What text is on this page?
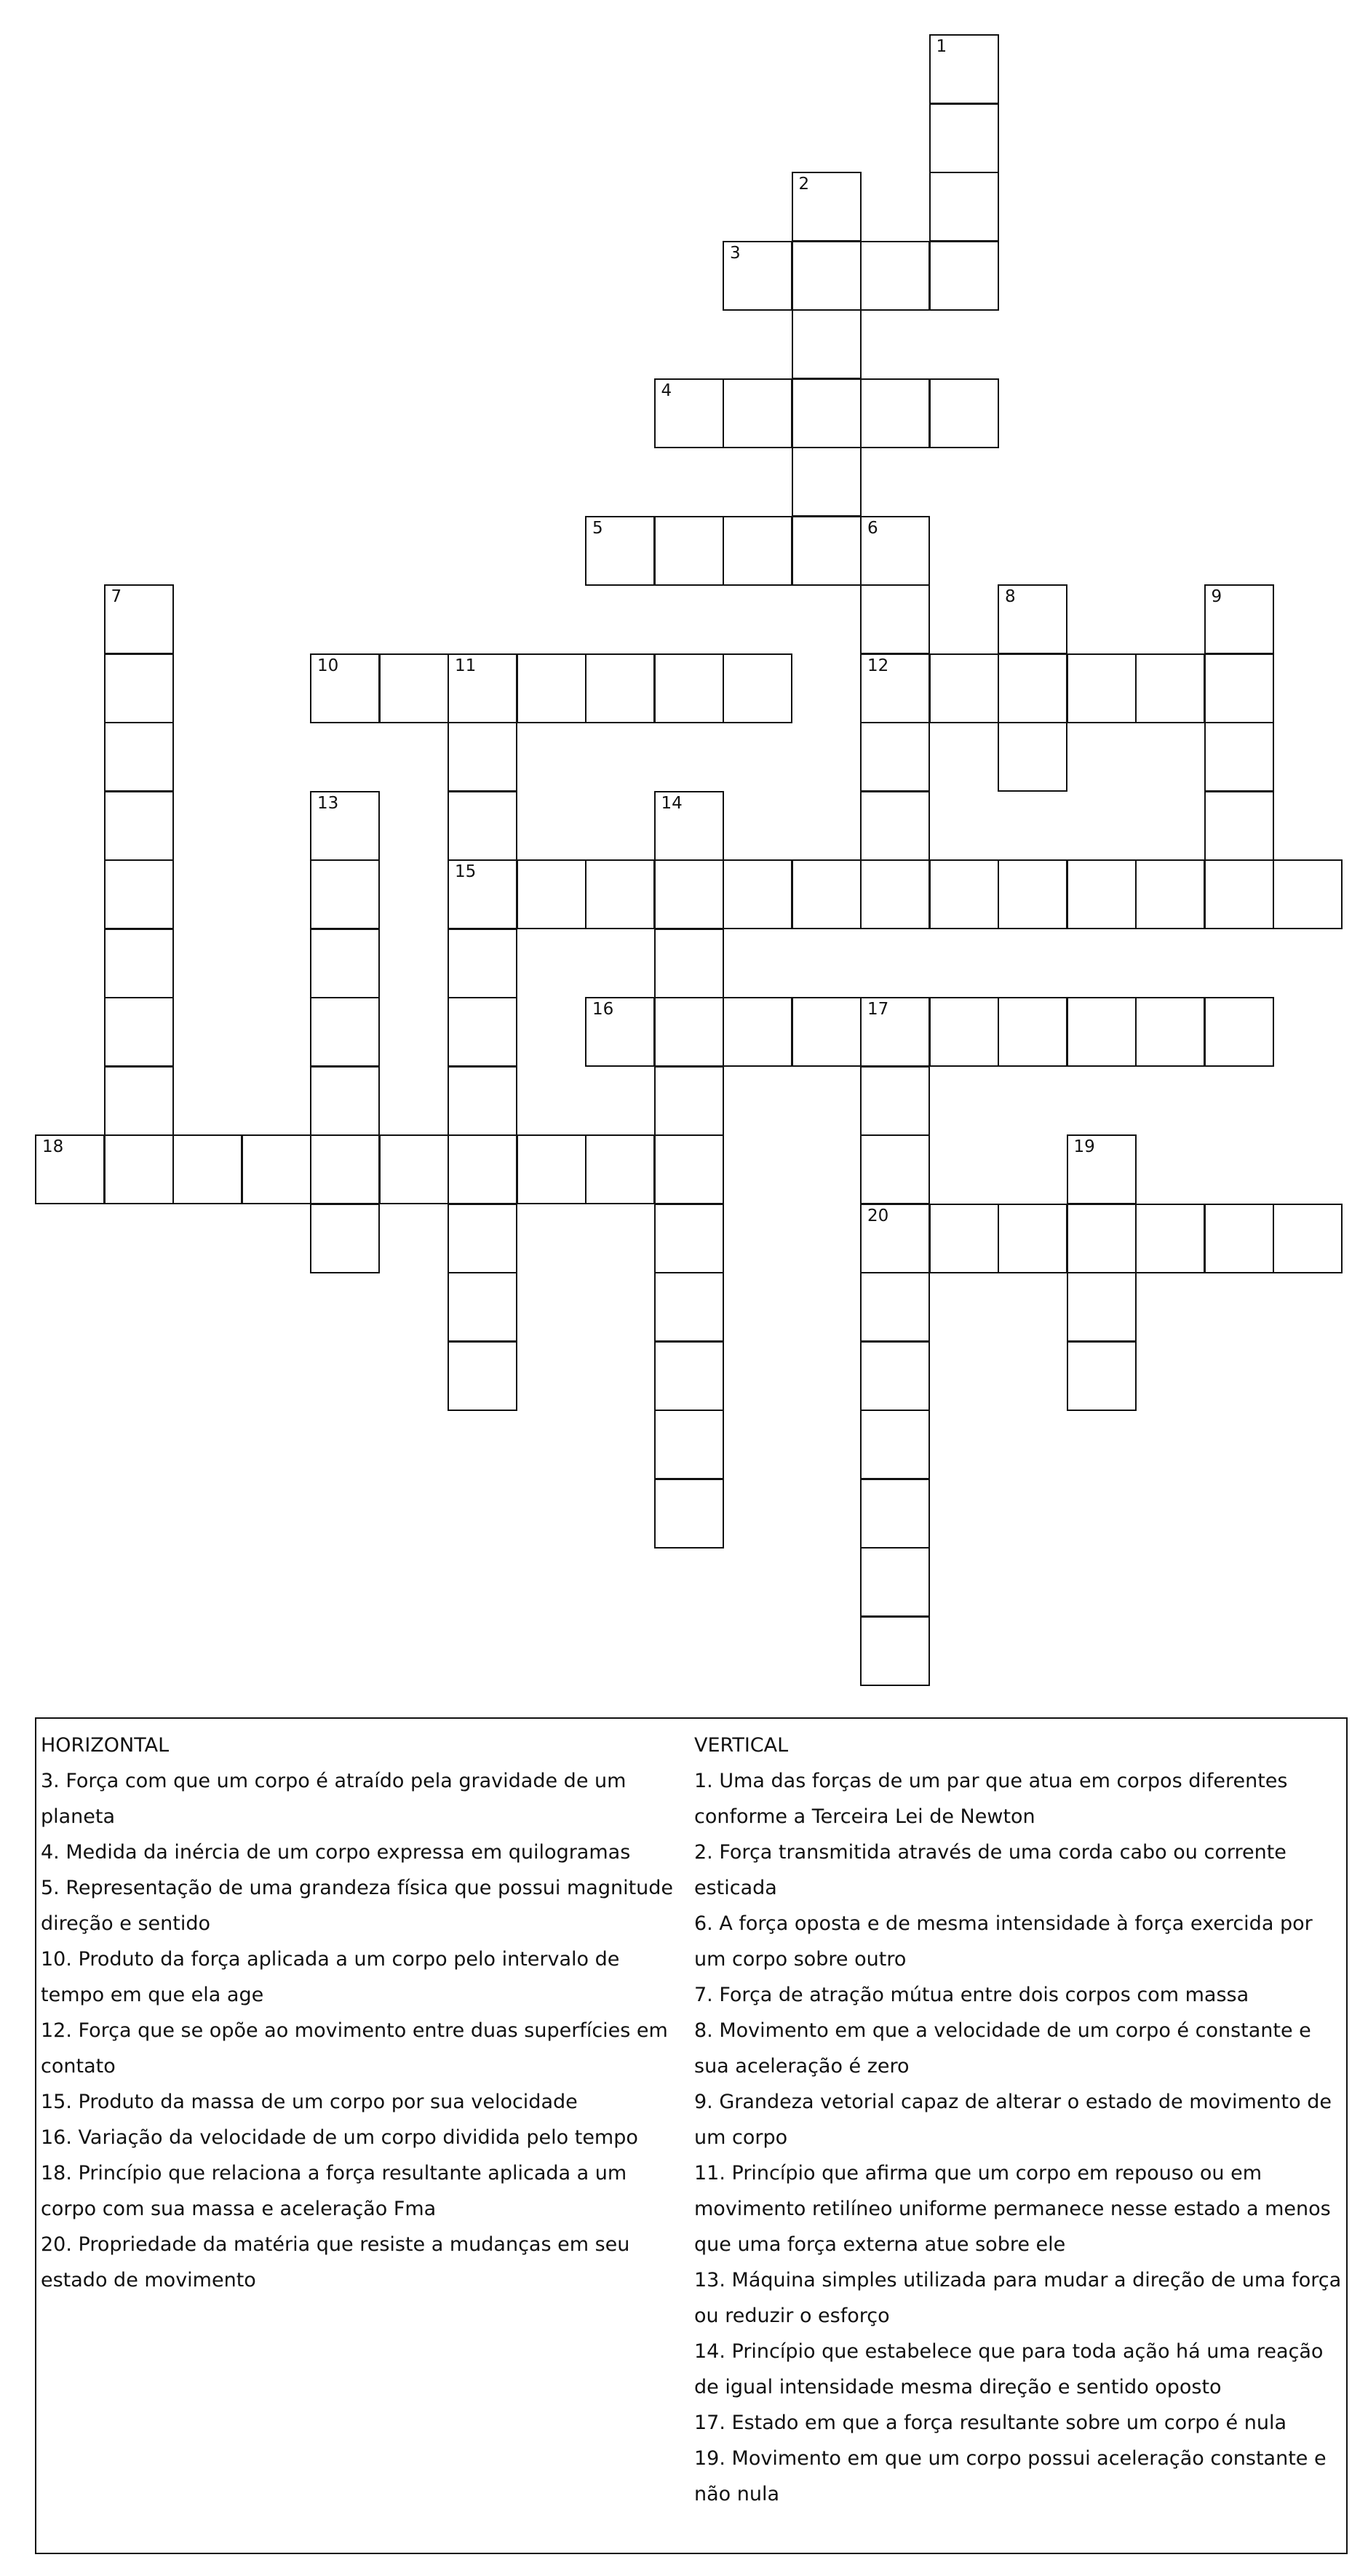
1
2
3
4
5	6
12
7	8	9
10	11
15
13	14
16	17
20
18	19
HORIZONTAL
3. Força com que um corpo é atraído pela gravidade de um planeta
4. Medida da inércia de um corpo expressa em quilogramas
5. Representação de uma grandeza física que possui magnitude direção e sentido
10. Produto da força aplicada a um corpo pelo intervalo de tempo em que ela age
12. Força que se opõe ao movimento entre duas superfícies em contato
15. Produto da massa de um corpo por sua velocidade
16. Variação da velocidade de um corpo dividida pelo tempo
18. Princípio que relaciona a força resultante aplicada a um corpo com sua massa e aceleração Fma
20. Propriedade da matéria que resiste a mudanças em seu estado de movimento
VERTICAL
1. Uma das forças de um par que atua em corpos diferentes conforme a Terceira Lei de Newton
2. Força transmitida através de uma corda cabo ou corrente esticada
6. A força oposta e de mesma intensidade à força exercida por um corpo sobre outro
7. Força de atração mútua entre dois corpos com massa
8. Movimento em que a velocidade de um corpo é constante e sua aceleração é zero
9. Grandeza vetorial capaz de alterar o estado de movimento de um corpo
11. Princípio que afirma que um corpo em repouso ou em movimento retilíneo uniforme permanece nesse estado a menos que uma força externa atue sobre ele
13. Máquina simples utilizada para mudar a direção de uma força ou reduzir o esforço
14. Princípio que estabelece que para toda ação há uma reação de igual intensidade mesma direção e sentido oposto
17. Estado em que a força resultante sobre um corpo é nula
19. Movimento em que um corpo possui aceleração constante e não nula
